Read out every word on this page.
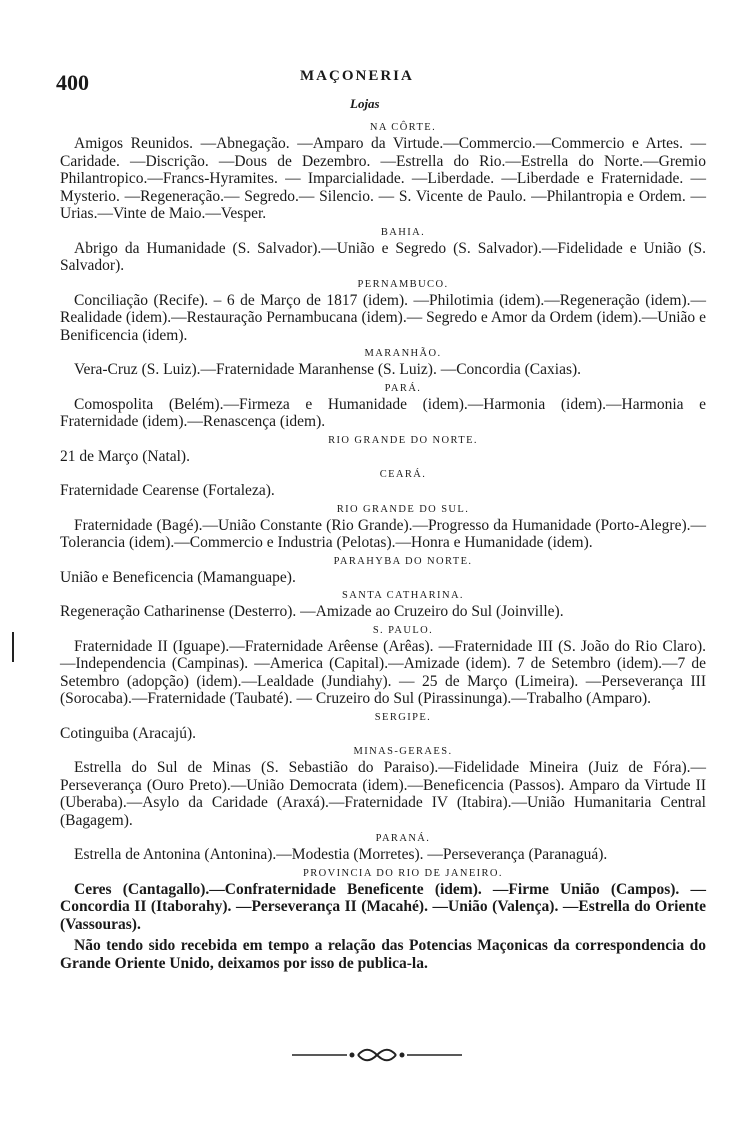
400	MAÇONERIA
Lojas
NA CÔRTE.

Amigos Reunidos. —Abnegação. —Amparo da Virtude.—Commercio.—Commercio e Artes. —Caridade. —Discrição. —Dous de Dezembro. —Estrella do Rio.—Estrella do Norte.—Gremio Philantropico.—Francs-Hyramites. — Imparcialidade. —Liberdade. —Liberdade e Fraternidade. —Mysterio. —Regeneração.— Segredo.— Silencio. — S. Vicente de Paulo. —Philantropia e Ordem. —Urias.—Vinte de Maio.—Vesper.

BAHIA.

Abrigo da Humanidade (S. Salvador).—União e Segredo (S. Salvador).—Fidelidade e União (S. Salvador).

PERNAMBUCO.

Conciliação (Recife). – 6 de Março de 1817 (idem). —Philotimia (idem).—Regeneração (idem).—Realidade (idem).—Restauração Pernambucana (idem).— Segredo e Amor da Ordem (idem).—União e Benificencia (idem).

MARANHÃO.

Vera-Cruz (S. Luiz).—Fraternidade Maranhense (S. Luiz). —Concordia (Caxias).

PARÁ.

Comospolita (Belém).—Firmeza e Humanidade (idem).—Harmonia (idem).—Harmonia e Fraternidade (idem).—Renascença (idem).

RIO GRANDE DO NORTE.

21 de Março (Natal).

CEARÁ.

Fraternidade Cearense (Fortaleza).

RIO GRANDE DO SUL.

Fraternidade (Bagé).—União Constante (Rio Grande).—Progresso da Humanidade (Porto-Alegre).—Tolerancia (idem).—Commercio e Industria (Pelotas).—Honra e Humanidade (idem).

PARAHYBA DO NORTE.

União e Beneficencia (Mamanguape).

SANTA CATHARINA.

Regeneração Catharinense (Desterro). —Amizade ao Cruzeiro do Sul (Joinville).

S. PAULO.

Fraternidade II (Iguape).—Fraternidade Arêense (Arêas). —Fraternidade III (S. João do Rio Claro).—Independencia (Campinas). —America (Capital).—Amizade (idem). 7 de Setembro (idem).—7 de Setembro (adopção) (idem).—Lealdade (Jundiahy). — 25 de Março (Limeira). —Perseverança III (Sorocaba).—Fraternidade (Taubaté). — Cruzeiro do Sul (Pirassinunga).—Trabalho (Amparo).

SERGIPE.

Cotinguiba (Aracajú).

MINAS-GERAES.

Estrella do Sul de Minas (S. Sebastião do Paraiso).—Fidelidade Mineira (Juiz de Fóra).—Perseverança (Ouro Preto).—União Democrata (idem).—Beneficencia (Passos). Amparo da Virtude II (Uberaba).—Asylo da Caridade (Araxá).—Fraternidade IV (Itabira).—União Humanitaria Central (Bagagem).

PARANÁ.

Estrella de Antonina (Antonina).—Modestia (Morretes). —Perseverança (Paranaguá).

PROVINCIA DO RIO DE JANEIRO.

Ceres (Cantagallo).—Confraternidade Beneficente (idem). —Firme União (Campos). — Concordia II (Itaborahy). —Perseverança II (Macahé). —União (Valença). —Estrella do Oriente (Vassouras).

Não tendo sido recebida em tempo a relação das Potencias Maçonicas da correspondencia do Grande Oriente Unido, deixamos por isso de publica-la.
